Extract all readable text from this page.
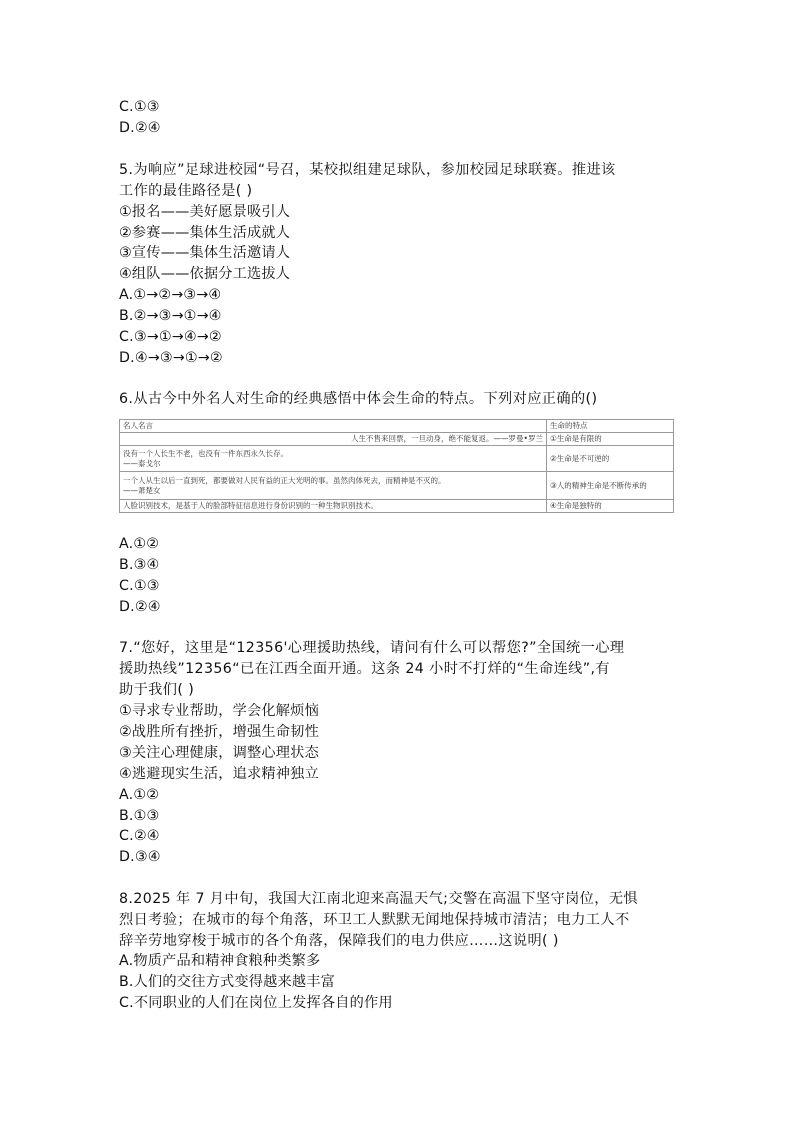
C.①③
D.②④
5.为响应”足球进校园“号召，某校拟组建足球队，参加校园足球联赛。推进该
工作的最佳路径是( )
①报名——美好愿景吸引人
②参赛——集体生活成就人
③宣传——集体生活邀请人
④组队——依据分工选拔人
A.①→②→③→④
B.②→③→①→④
C.③→①→④→②
D.④→③→①→②
6.从古今中外名人对生命的经典感悟中体会生命的特点。下列对应正确的()
名人名言	生命的特点
人生不售来回票，一旦动身，绝不能复返。——罗曼•罗兰	①生命是有限的

没有一个人长生不老，也没有一件东西永久长存。
——泰戈尔	②生命是不可逆的

一个人从生以后一直到死，都要做对人民有益的正大光明的事。虽然肉体死去，而精神是不灭的。
——萧楚女	③人的精神生命是不断传承的
人脸识别技术，是基于人的脸部特征信息进行身份识别的一种生物识别技术。	④生命是独特的
A.①②
B.③④
C.①③
D.②④
7.“您好，这里是“12356'心理援助热线，请问有什么可以帮您?”全国统一心理
援助热线”12356“已在江西全面开通。这条 24 小时不打烊的“生命连线”,有
助于我们( )
①寻求专业帮助，学会化解烦恼
②战胜所有挫折，增强生命韧性
③关注心理健康，调整心理状态
④逃避现实生活，追求精神独立
A.①②
B.①③
C.②④
D.③④
8.2025 年 7 月中旬，我国大江南北迎来高温天气;交警在高温下坚守岗位，无惧
烈日考验；在城市的每个角落，环卫工人默默无闻地保持城市清洁；电力工人不
辞辛劳地穿梭于城市的各个角落，保障我们的电力供应……这说明( )
A.物质产品和精神食粮种类繁多
B.人们的交往方式变得越来越丰富
C.不同职业的人们在岗位上发挥各自的作用
